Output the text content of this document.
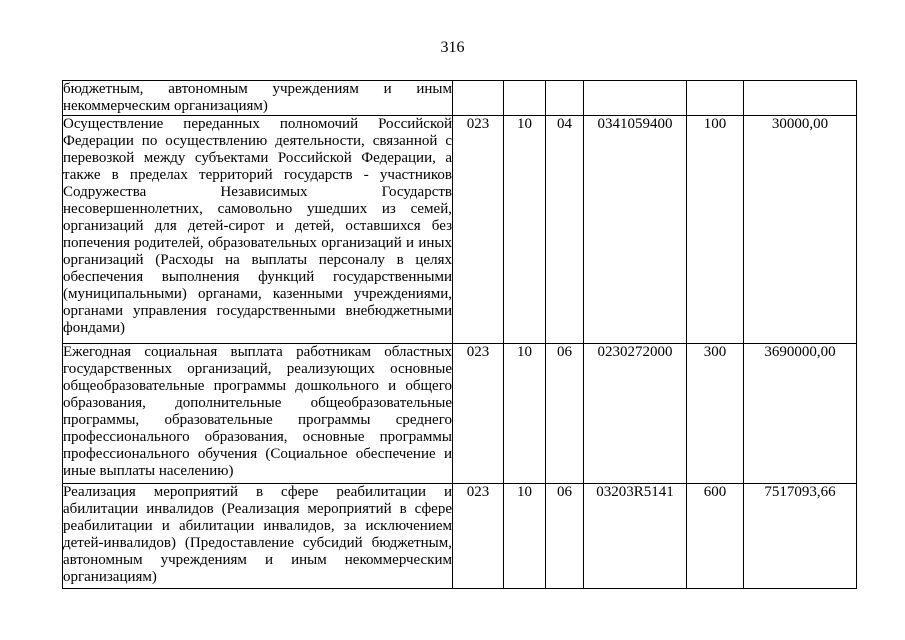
316
бюджетным, автономным учреждениям и иным некоммерческим организациям)						
Осуществление переданных полномочий Российской Федерации по осуществлению деятельности, связанной с перевозкой между субъектами Российской Федерации, а также в пределах территорий государств - участников Содружества Независимых Государств несовершеннолетних, самовольно ушедших из семей, организаций для детей-сирот и детей, оставшихся без попечения родителей, образовательных организаций и иных организаций (Расходы на выплаты персоналу в целях обеспечения выполнения функций государственными (муниципальными) органами, казенными учреждениями, органами управления государственными внебюджетными фондами)	023	10	04	0341059400	100	30000,00
Ежегодная социальная выплата работникам областных государственных организаций, реализующих основные общеобразовательные программы дошкольного и общего образования, дополнительные общеобразовательные программы, образовательные программы среднего профессионального образования, основные программы профессионального обучения (Социальное обеспечение и иные выплаты населению)	023	10	06	0230272000	300	3690000,00
Реализация мероприятий в сфере реабилитации и абилитации инвалидов (Реализация мероприятий в сфере реабилитации и абилитации инвалидов, за исключением детей-инвалидов) (Предоставление субсидий бюджетным, автономным учреждениям и иным некоммерческим организациям)	023	10	06	03203R5141	600	7517093,66
